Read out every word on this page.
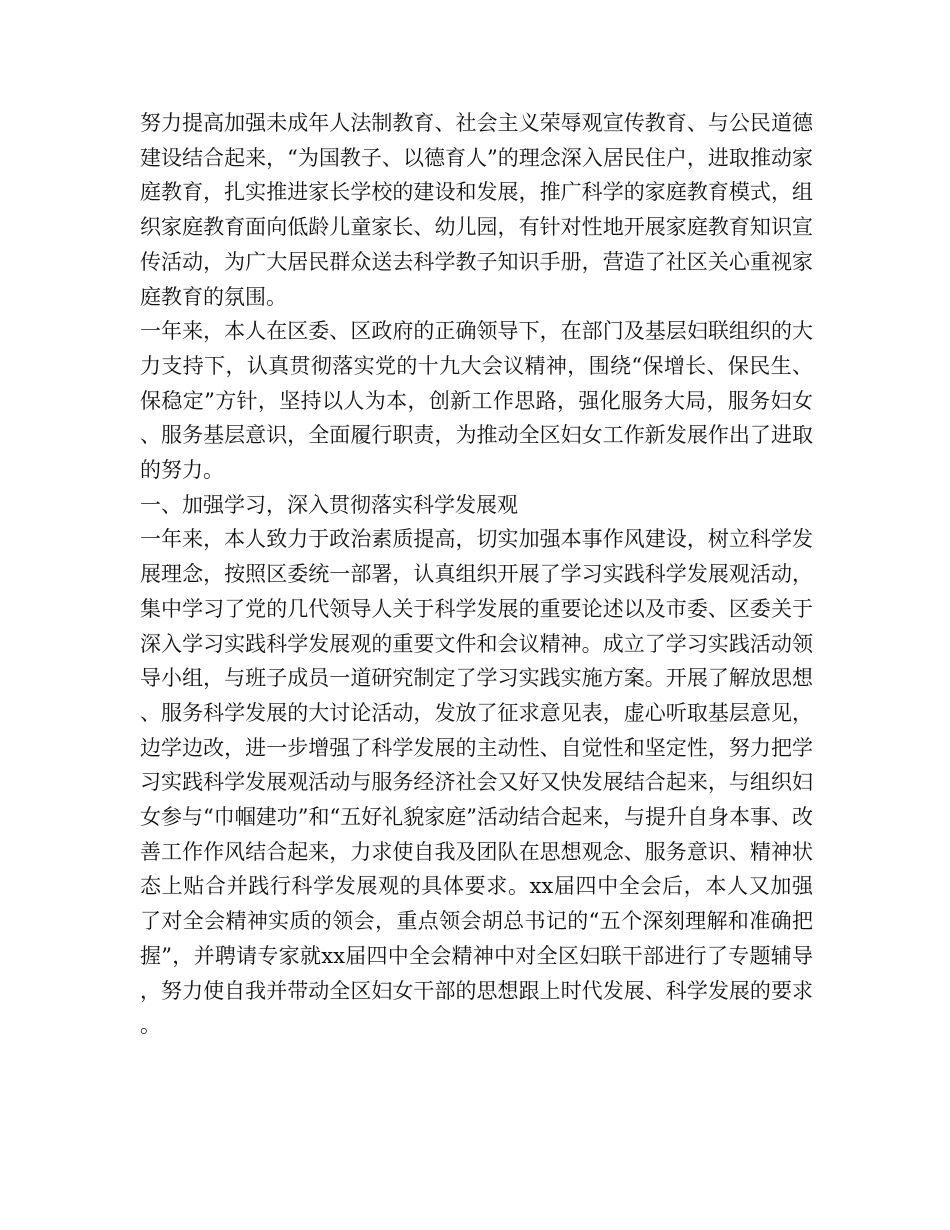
努力提高加强未成年人法制教育、社会主义荣辱观宣传教育、与公民道德建设结合起来，“为国教子、以德育人”的理念深入居民住户，进取推动家庭教育，扎实推进家长学校的建设和发展，推广科学的家庭教育模式，组织家庭教育面向低龄儿童家长、幼儿园，有针对性地开展家庭教育知识宣传活动，为广大居民群众送去科学教子知识手册，营造了社区关心重视家庭教育的氛围。

一年来，本人在区委、区政府的正确领导下，在部门及基层妇联组织的大力支持下，认真贯彻落实党的十九大会议精神，围绕“保增长、保民生、保稳定”方针，坚持以人为本，创新工作思路，强化服务大局，服务妇女、服务基层意识，全面履行职责，为推动全区妇女工作新发展作出了进取的努力。

一、加强学习，深入贯彻落实科学发展观

一年来，本人致力于政治素质提高，切实加强本事作风建设，树立科学发展理念，按照区委统一部署，认真组织开展了学习实践科学发展观活动，集中学习了党的几代领导人关于科学发展的重要论述以及市委、区委关于深入学习实践科学发展观的重要文件和会议精神。成立了学习实践活动领导小组，与班子成员一道研究制定了学习实践实施方案。开展了解放思想、服务科学发展的大讨论活动，发放了征求意见表，虚心听取基层意见，边学边改，进一步增强了科学发展的主动性、自觉性和坚定性，努力把学习实践科学发展观活动与服务经济社会又好又快发展结合起来，与组织妇女参与“巾帼建功”和“五好礼貌家庭”活动结合起来，与提升自身本事、改善工作作风结合起来，力求使自我及团队在思想观念、服务意识、精神状态上贴合并践行科学发展观的具体要求。xx届四中全会后，本人又加强了对全会精神实质的领会，重点领会胡总书记的“五个深刻理解和准确把握”，并聘请专家就xx届四中全会精神中对全区妇联干部进行了专题辅导，努力使自我并带动全区妇女干部的思想跟上时代发展、科学发展的要求。
